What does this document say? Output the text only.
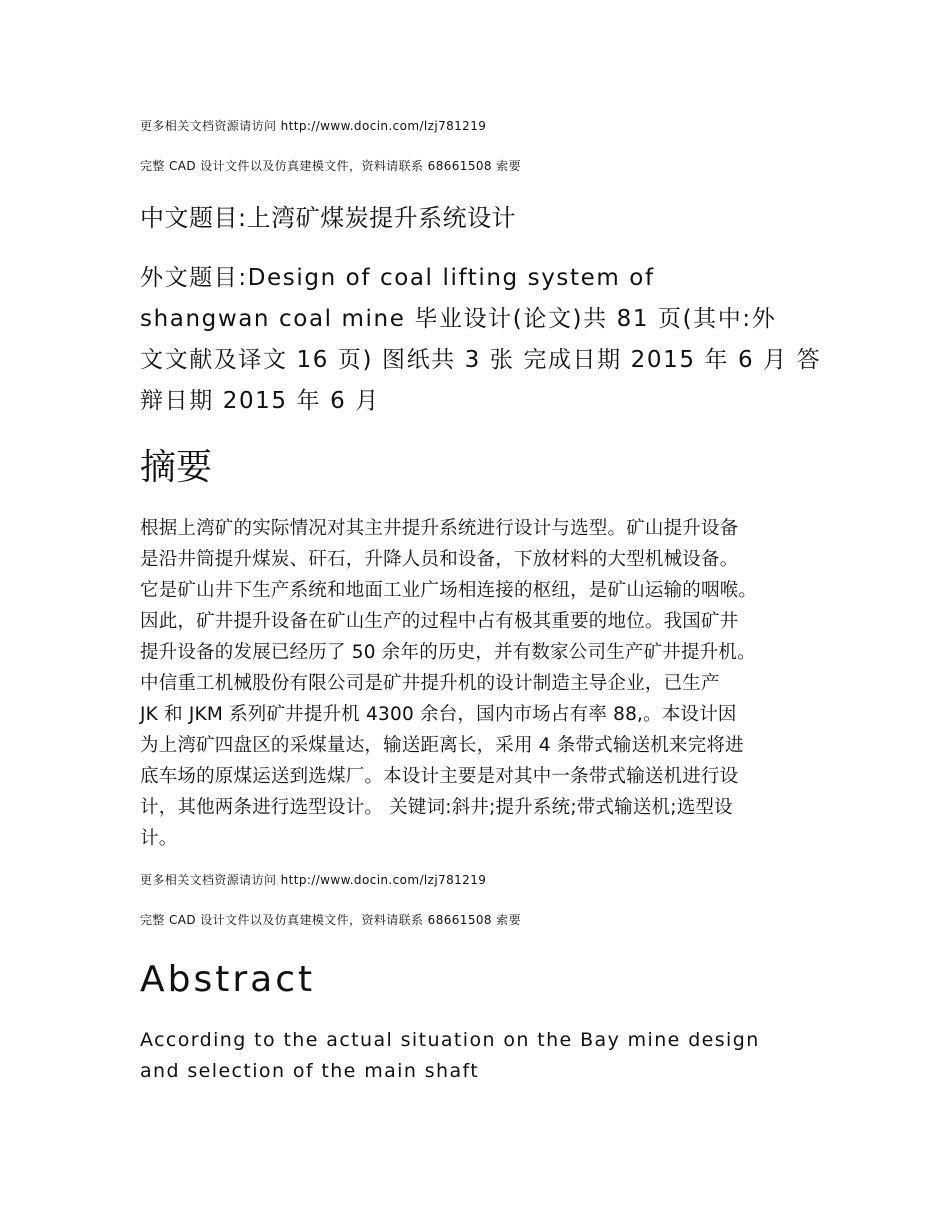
更多相关文档资源请访问 http://www.docin.com/lzj781219
完整 CAD 设计文件以及仿真建模文件，资料请联系 68661508 索要
中文题目:上湾矿煤炭提升系统设计
外文题目:Design of coal lifting system of
shangwan coal mine 毕业设计(论文)共 81 页(其中:外
文文献及译文 16 页) 图纸共 3 张 完成日期 2015 年 6 月 答
辩日期 2015 年 6 月
摘要
根据上湾矿的实际情况对其主井提升系统进行设计与选型。矿山提升设备
是沿井筒提升煤炭、矸石，升降人员和设备，下放材料的大型机械设备。
它是矿山井下生产系统和地面工业广场相连接的枢纽，是矿山运输的咽喉。
因此，矿井提升设备在矿山生产的过程中占有极其重要的地位。我国矿井
提升设备的发展已经历了 50 余年的历史，并有数家公司生产矿井提升机。
中信重工机械股份有限公司是矿井提升机的设计制造主导企业，已生产
JK 和 JKM 系列矿井提升机 4300 余台，国内市场占有率 88,。本设计因
为上湾矿四盘区的采煤量达，输送距离长，采用 4 条带式输送机来完将进
底车场的原煤运送到选煤厂。本设计主要是对其中一条带式输送机进行设
计，其他两条进行选型设计。 关键词:斜井;提升系统;带式输送机;选型设
计。
更多相关文档资源请访问 http://www.docin.com/lzj781219
完整 CAD 设计文件以及仿真建模文件，资料请联系 68661508 索要
Abstract
According to the actual situation on the Bay mine design
and selection of the main shaft
